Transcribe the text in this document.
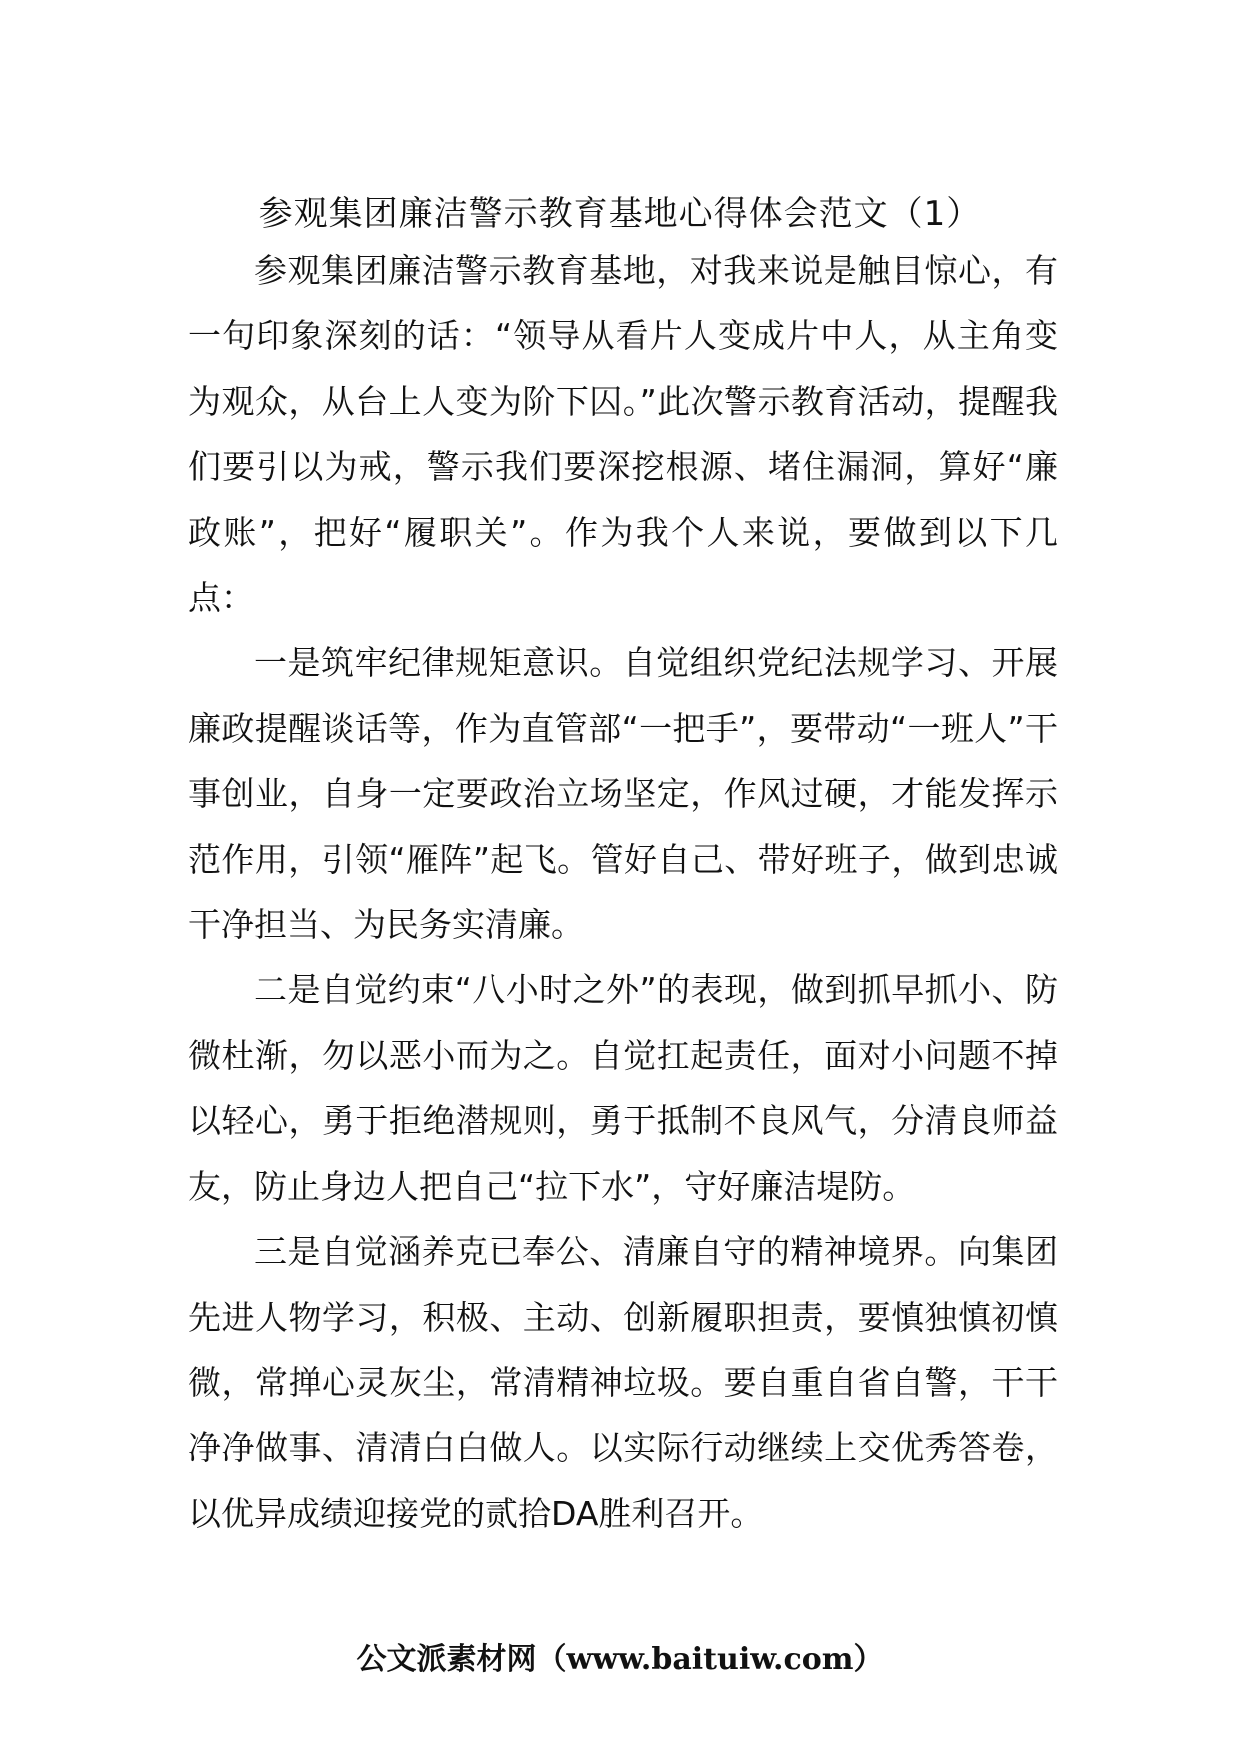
参观集团廉洁警示教育基地心得体会范文（1）

参观集团廉洁警示教育基地，对我来说是触目惊心，有一句印象深刻的话：“领导从看片人变成片中人，从主角变为观众，从台上人变为阶下囚。”此次警示教育活动，提醒我们要引以为戒，警示我们要深挖根源、堵住漏洞，算好“廉政账”，把好“履职关”。作为我个人来说，要做到以下几点：

一是筑牢纪律规矩意识。自觉组织党纪法规学习、开展廉政提醒谈话等，作为直管部“一把手”，要带动“一班人”干事创业，自身一定要政治立场坚定，作风过硬，才能发挥示范作用，引领“雁阵”起飞。管好自己、带好班子，做到忠诚干净担当、为民务实清廉。

二是自觉约束“八小时之外”的表现，做到抓早抓小、防微杜渐，勿以恶小而为之。自觉扛起责任，面对小问题不掉以轻心，勇于拒绝潜规则，勇于抵制不良风气，分清良师益友，防止身边人把自己“拉下水”，守好廉洁堤防。

三是自觉涵养克已奉公、清廉自守的精神境界。向集团先进人物学习，积极、主动、创新履职担责，要慎独慎初慎微，常掸心灵灰尘，常清精神垃圾。要自重自省自警，干干净净做事、清清白白做人。以实际行动继续上交优秀答卷，以优异成绩迎接党的贰拾DA胜利召开。

公文派素材网（www.baituiw.com）
